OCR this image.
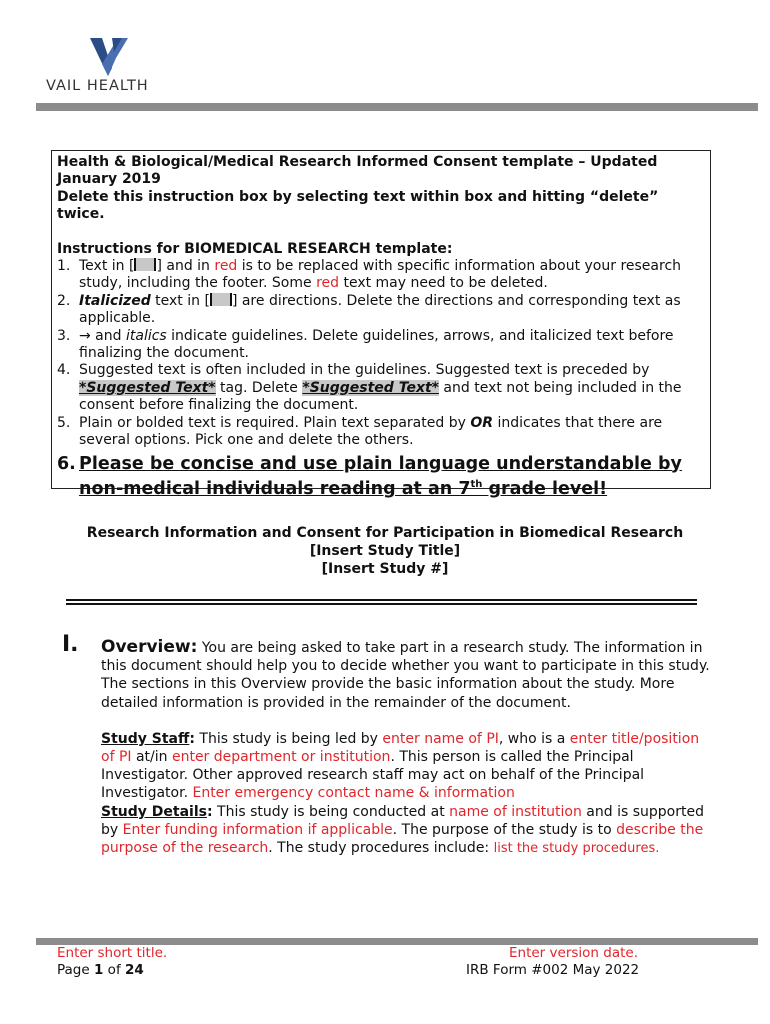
VAIL HEALTH
Health & Biological/Medical Research Informed Consent template – Updated January 2019
Delete this instruction box by selecting text within box and hitting “delete” twice.
Instructions for BIOMEDICAL RESEARCH template:
1. Text in [ ] and in red is to be replaced with specific information about your research study, including the footer. Some red text may need to be deleted.
2. Italicized text in [ ] are directions. Delete the directions and corresponding text as applicable.
3. → and italics indicate guidelines. Delete guidelines, arrows, and italicized text before finalizing the document.
4. Suggested text is often included in the guidelines. Suggested text is preceded by *Suggested Text* tag. Delete *Suggested Text* and text not being included in the consent before finalizing the document.
5. Plain or bolded text is required. Plain text separated by OR indicates that there are several options. Pick one and delete the others.
6. Please be concise and use plain language understandable by non-medical individuals reading at an 7th grade level!
Research Information and Consent for Participation in Biomedical Research
[Insert Study Title]
[Insert Study #]
I. Overview: You are being asked to take part in a research study. The information in this document should help you to decide whether you want to participate in this study. The sections in this Overview provide the basic information about the study. More detailed information is provided in the remainder of the document.
Study Staff: This study is being led by enter name of PI, who is a enter title/position of PI at/in enter department or institution. This person is called the Principal Investigator. Other approved research staff may act on behalf of the Principal Investigator. Enter emergency contact name & information
Study Details: This study is being conducted at name of institution and is supported by Enter funding information if applicable. The purpose of the study is to describe the purpose of the research. The study procedures include: list the study procedures.
Enter short title.
Page 1 of 24
Enter version date.
IRB Form #002 May 2022
